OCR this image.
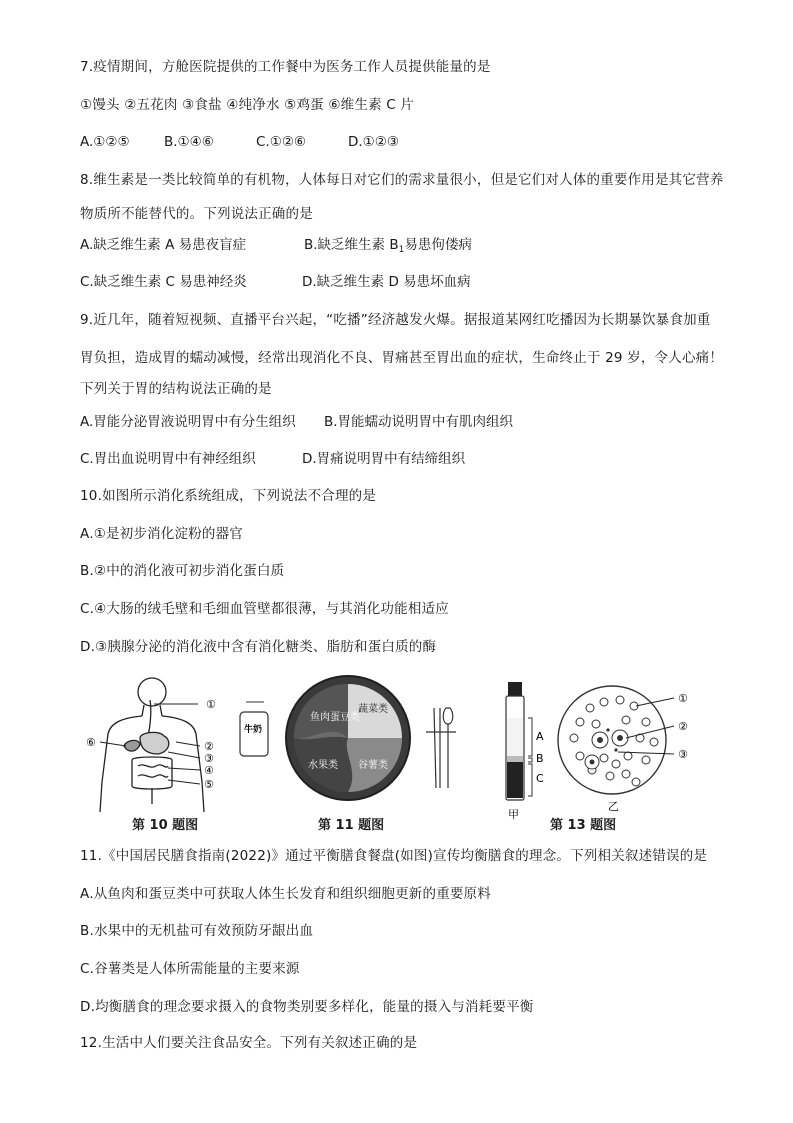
7.疫情期间，方舱医院提供的工作餐中为医务工作人员提供能量的是
①馒头 ②五花肉 ③食盐 ④纯净水 ⑤鸡蛋 ⑥维生素 C 片
A.①②⑤	B.①④⑥	C.①②⑥	D.①②③
8.维生素是一类比较简单的有机物，人体每日对它们的需求量很小，但是它们对人体的重要作用是其它营养
物质所不能替代的。下列说法正确的是
A.缺乏维生素 A 易患夜盲症	B.缺乏维生素 $B_1$易患佝偻病
C.缺乏维生素 C 易患神经炎	D.缺乏维生素 D 易患坏血病
9.近几年，随着短视频、直播平台兴起，“吃播”经济越发火爆。据报道某网红吃播因为长期暴饮暴食加重
胃负担，造成胃的蠕动减慢，经常出现消化不良、胃痛甚至胃出血的症状，生命终止于 29 岁，令人心痛！
下列关于胃的结构说法正确的是
A.胃能分泌胃液说明胃中有分生组织 B.胃能蠕动说明胃中有肌肉组织
C.胃出血说明胃中有神经组织	D.胃痛说明胃中有结缔组织
10.如图所示消化系统组成，下列说法不合理的是
A.①是初步消化淀粉的器官
B.②中的消化液可初步消化蛋白质
C.④大肠的绒毛壁和毛细血管壁都很薄，与其消化功能相适应
D.③胰腺分泌的消化液中含有消化糖类、脂肪和蛋白质的酶
①
②
③
④
⑤
⑥
牛奶
鱼肉蛋豆类
蔬菜类
水果类 谷薯类
A
B
C
甲
①
②
③
乙
第 10 题图	第 11 题图	第 13 题图
11.《中国居民膳食指南(2022)》通过平衡膳食餐盘(如图)宣传均衡膳食的理念。下列相关叙述错误的是
A.从鱼肉和蛋豆类中可获取人体生长发育和组织细胞更新的重要原料
B.水果中的无机盐可有效预防牙龈出血
C.谷薯类是人体所需能量的主要来源
D.均衡膳食的理念要求摄入的食物类别要多样化，能量的摄入与消耗要平衡
12.生活中人们要关注食品安全。下列有关叙述正确的是
